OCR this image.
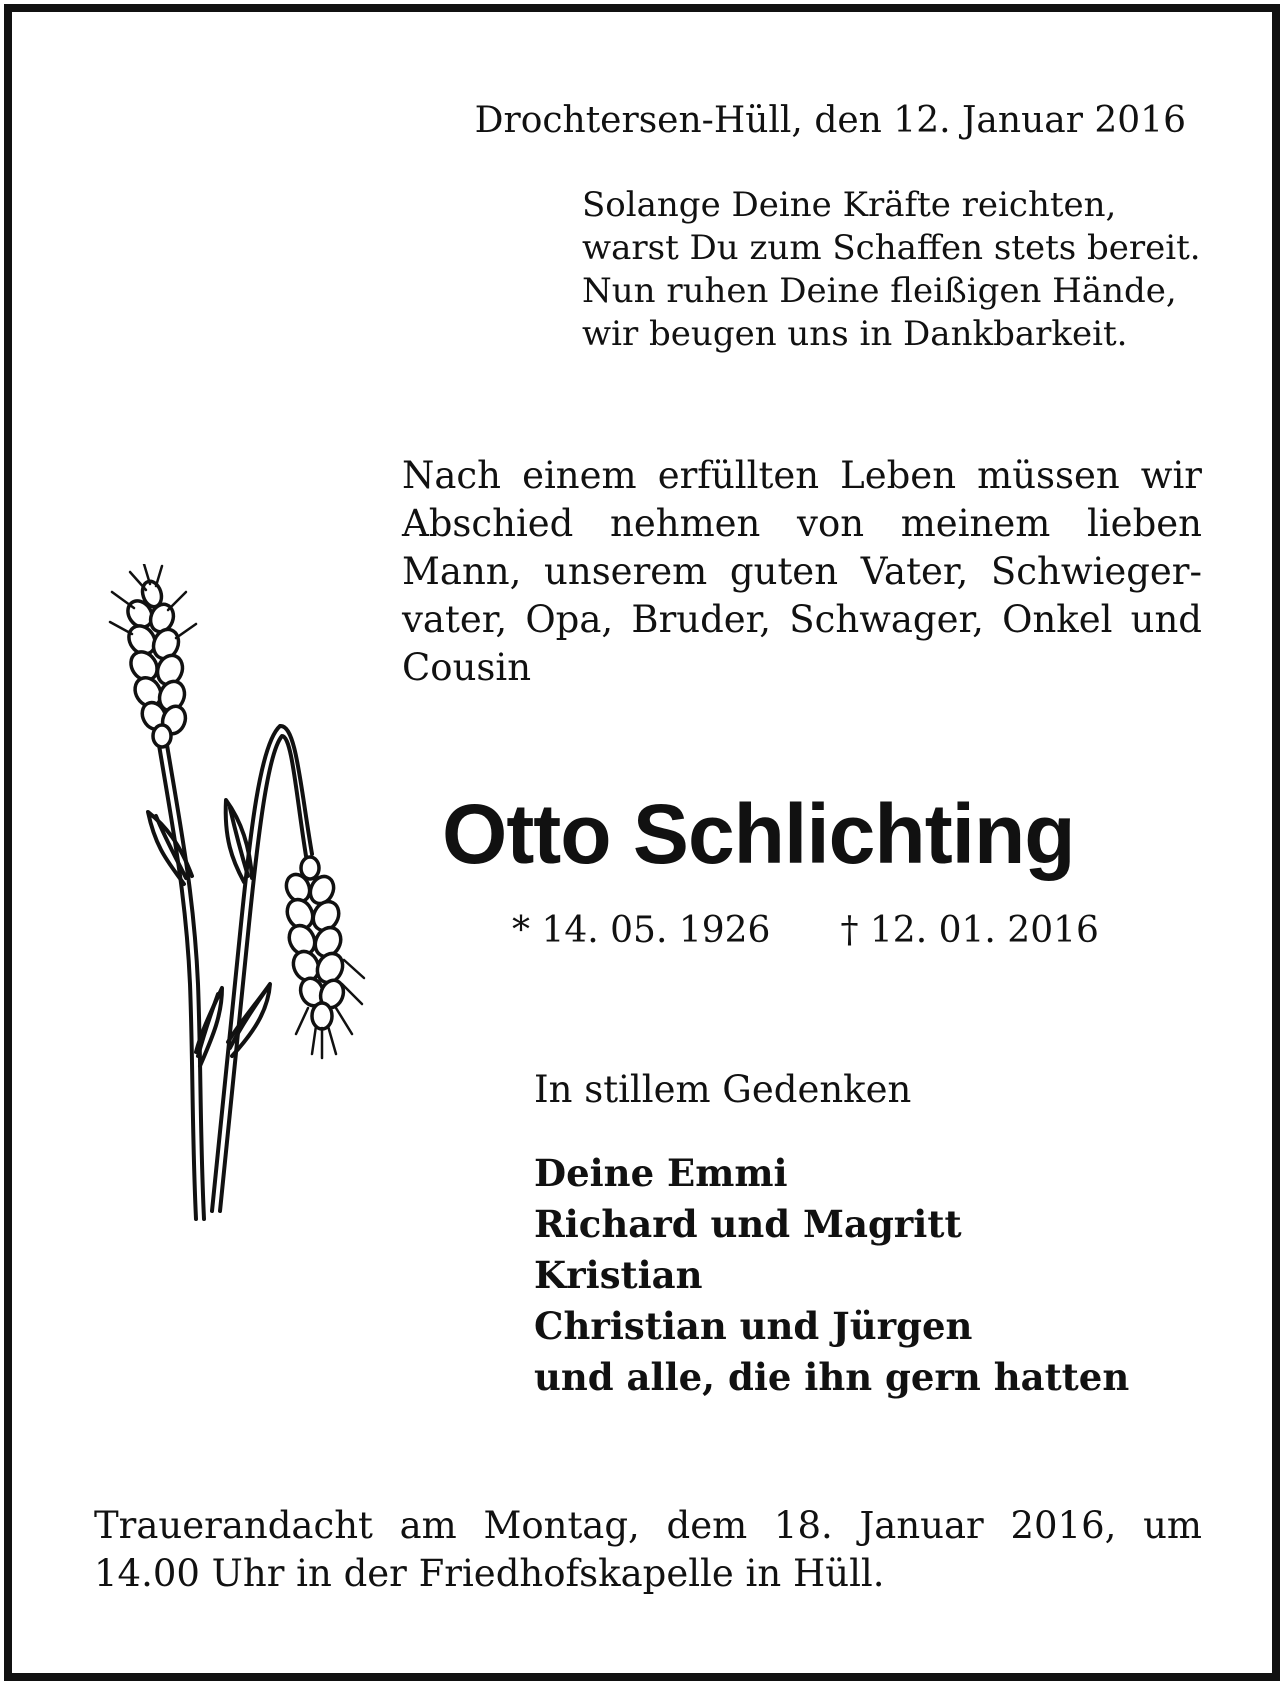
Drochtersen-Hüll, den 12. Januar 2016
Solange Deine Kräfte reichten,
warst Du zum Schaffen stets bereit.
Nun ruhen Deine fleißigen Hände,
wir beugen uns in Dankbarkeit.
Nach einem erfüllten Leben müssen wir
Abschied nehmen von meinem lieben
Mann, unserem guten Vater, Schwieger-
vater, Opa, Bruder, Schwager, Onkel und
Cousin
Otto Schlichting
* 14. 05. 1926 † 12. 01. 2016
In stillem Gedenken
Deine Emmi
Richard und Magritt
Kristian
Christian und Jürgen
und alle, die ihn gern hatten
Trauerandacht am Montag, dem 18. Januar 2016, um
14.00 Uhr in der Friedhofskapelle in Hüll.
